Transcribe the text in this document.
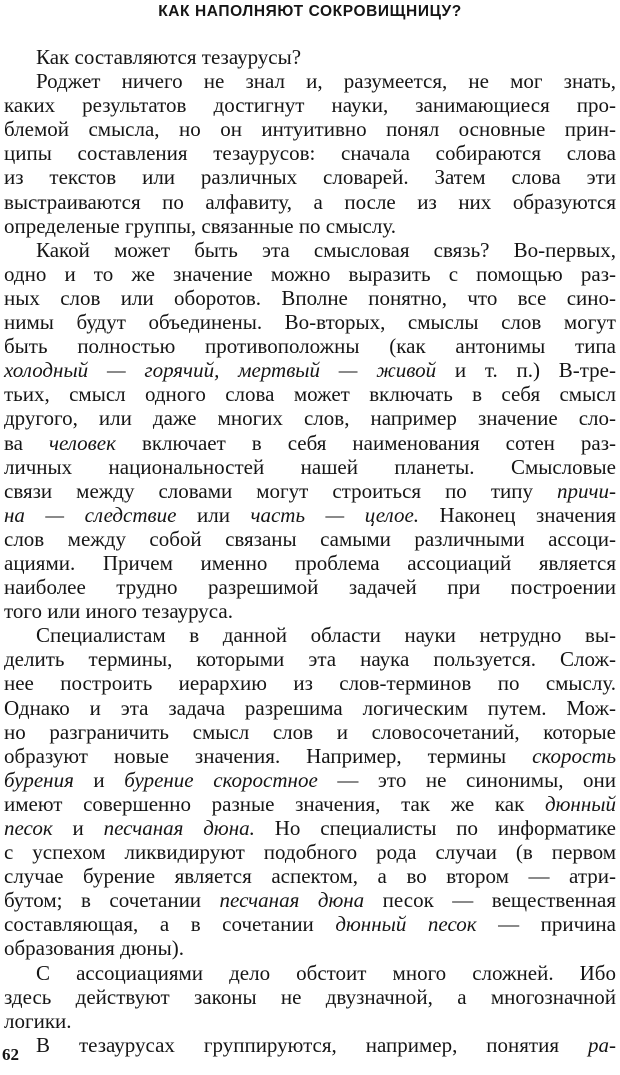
КАК НАПОЛНЯЮТ СОКРОВИЩНИЦУ?
Как составляются тезаурусы?
Роджет ничего не знал и, разумеется, не мог знать,
каких результатов достигнут науки, занимающиеся про-
блемой смысла, но он интуитивно понял основные прин-
ципы составления тезаурусов: сначала собираются слова
из текстов или различных словарей. Затем слова эти
выстраиваются по алфавиту, а после из них образуются
определеные группы, связанные по смыслу.
Какой может быть эта смысловая связь? Во-первых,
одно и то же значение можно выразить с помощью раз-
ных слов или оборотов. Вполне понятно, что все сино-
нимы будут объединены. Во-вторых, смыслы слов могут
быть полностью противоположны (как антонимы типа
холодный — горячий, мертвый — живой и т. п.) В-тре-
тьих, смысл одного слова может включать в себя смысл
другого, или даже многих слов, например значение сло-
ва человек включает в себя наименования сотен раз-
личных национальностей нашей планеты. Смысловые
связи между словами могут строиться по типу причи-
на — следствие или часть — целое. Наконец значения
слов между собой связаны самыми различными ассоци-
ациями. Причем именно проблема ассоциаций является
наиболее трудно разрешимой задачей при построении
того или иного тезауруса.
Специалистам в данной области науки нетрудно вы-
делить термины, которыми эта наука пользуется. Слож-
нее построить иерархию из слов-терминов по смыслу.
Однако и эта задача разрешима логическим путем. Мож-
но разграничить смысл слов и словосочетаний, которые
образуют новые значения. Например, термины скорость
бурения и бурение скоростное — это не синонимы, они
имеют совершенно разные значения, так же как дюнный
песок и песчаная дюна. Но специалисты по информатике
с успехом ликвидируют подобного рода случаи (в первом
случае бурение является аспектом, а во втором — атри-
бутом; в сочетании песчаная дюна песок — вещественная
составляющая, а в сочетании дюнный песок — причина
образования дюны).
С ассоциациями дело обстоит много сложней. Ибо
здесь действуют законы не двузначной, а многозначной
логики.
В тезаурусах группируются, например, понятия ра-
62
